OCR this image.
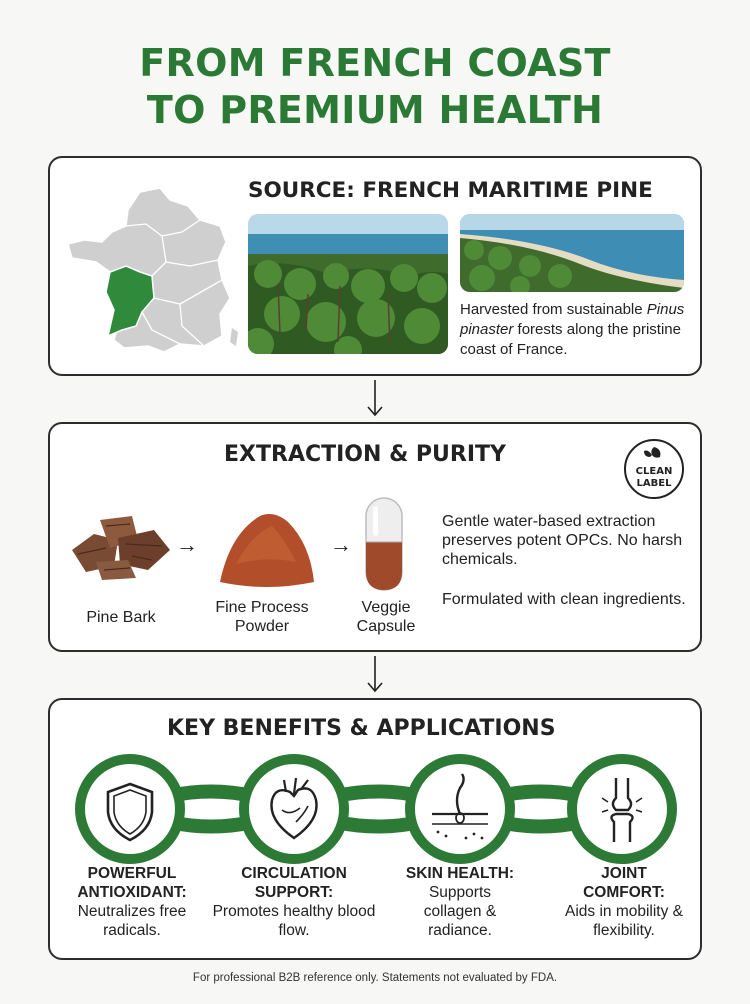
FROM FRENCH COAST
TO PREMIUM HEALTH
SOURCE: FRENCH MARITIME PINE

Harvested from sustainable Pinus pinaster forests along the pristine coast of France.

EXTRACTION & PURITY
CLEAN
LABEL
Pine Bark
→
Fine Process Powder
→
Veggie Capsule

Gentle water-based extraction preserves potent OPCs. No harsh chemicals.

Formulated with clean ingredients.

KEY BENEFITS & APPLICATIONS
POWERFUL ANTIOXIDANT:
Neutralizes free radicals.
CIRCULATION SUPPORT:
Promotes healthy blood flow.
SKIN HEALTH:
Supports collagen & radiance.
JOINT COMFORT: Aids in mobility & flexibility.

For professional B2B reference only. Statements not evaluated by FDA.
